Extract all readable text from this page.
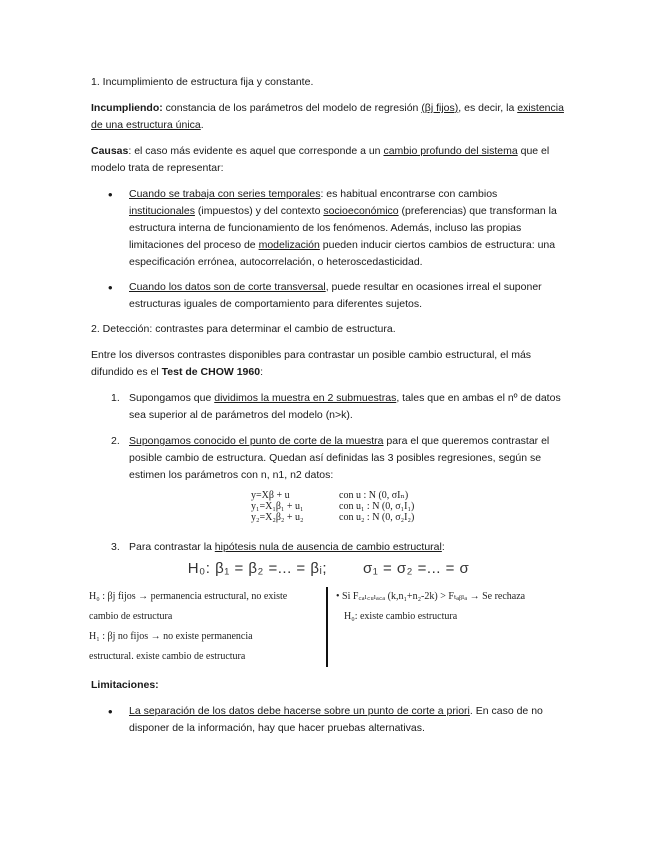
1. Incumplimiento de estructura fija y constante.

Incumpliendo: constancia de los parámetros del modelo de regresión (βj fijos), es decir, la existencia de una estructura única.

Causas: el caso más evidente es aquel que corresponde a un cambio profundo del sistema que el modelo trata de representar:

• Cuando se trabaja con series temporales: es habitual encontrarse con cambios institucionales (impuestos) y del contexto socioeconómico (preferencias) que transforman la estructura interna de funcionamiento de los fenómenos. Además, incluso las propias limitaciones del proceso de modelización pueden inducir ciertos cambios de estructura: una especificación errónea, autocorrelación, o heteroscedasticidad.
• Cuando los datos son de corte transversal, puede resultar en ocasiones irreal el suponer estructuras iguales de comportamiento para diferentes sujetos.

2. Detección: contrastes para determinar el cambio de estructura.

Entre los diversos contrastes disponibles para contrastar un posible cambio estructural, el más difundido es el Test de CHOW 1960:

1. Supongamos que dividimos la muestra en 2 submuestras, tales que en ambas el nº de datos sea superior al de parámetros del modelo (n>k).
2. Supongamos conocido el punto de corte de la muestra para el que queremos contrastar el posible cambio de estructura. Quedan así definidas las 3 posibles regresiones, según se estimen los parámetros con n, n1, n2 datos:
y=Xβ + u	con u : N (0, σIₙ)
y₁=X₁β₁ + u₁	con u₁ : N (0, σ₁I₁)
y₂=X₂β₂ + u₂	con u₂ : N (0, σ₂I₂)
3. Para contrastar la hipótesis nula de ausencia de cambio estructural:
H₀: β₁ = β₂ =... = βᵢ; σ₁ = σ₂ =... = σ
H₀ : βj fijos → permanencia estructural, no existe
cambio de estructura
H₁ : βj no fijos → no existe permanencia
estructural. existe cambio de estructura
• Si F꜀ₐₗ꜀ᵤₗₐ꜀ₐ (k,n₁+n₂-2k) > Fₜₐᵦₗₐ → Se rechaza
H₀: existe cambio estructura

Limitaciones:

• La separación de los datos debe hacerse sobre un punto de corte a priori. En caso de no disponer de la información, hay que hacer pruebas alternativas.
